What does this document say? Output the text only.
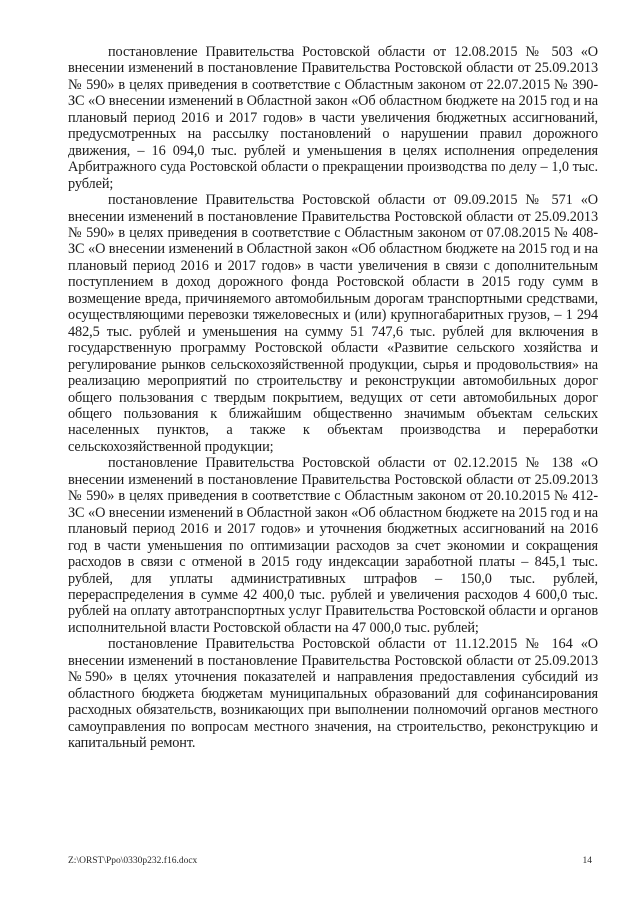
постановление Правительства Ростовской области от 12.08.2015 № 503 «О внесении изменений в постановление Правительства Ростовской области от 25.09.2013 № 590» в целях приведения в соответствие с Областным законом от 22.07.2015 № 390-ЗС «О внесении изменений в Областной закон «Об областном бюджете на 2015 год и на плановый период 2016 и 2017 годов» в части увеличения бюджетных ассигнований, предусмотренных на рассылку постановлений о нарушении правил дорожного движения, – 16 094,0 тыс. рублей и уменьшения в целях исполнения определения Арбитражного суда Ростовской области о прекращении производства по делу – 1,0 тыс. рублей;

постановление Правительства Ростовской области от 09.09.2015 № 571 «О внесении изменений в постановление Правительства Ростовской области от 25.09.2013 № 590» в целях приведения в соответствие с Областным законом от 07.08.2015 № 408-ЗС «О внесении изменений в Областной закон «Об областном бюджете на 2015 год и на плановый период 2016 и 2017 годов» в части увеличения в связи с дополнительным поступлением в доход дорожного фонда Ростовской области в 2015 году сумм в возмещение вреда, причиняемого автомобильным дорогам транспортными средствами, осуществляющими перевозки тяжеловесных и (или) крупногабаритных грузов, – 1 294 482,5 тыс. рублей и уменьшения на сумму 51 747,6 тыс. рублей для включения в государственную программу Ростовской области «Развитие сельского хозяйства и регулирование рынков сельскохозяйственной продукции, сырья и продовольствия» на реализацию мероприятий по строительству и реконструкции автомобильных дорог общего пользования с твердым покрытием, ведущих от сети автомобильных дорог общего пользования к ближайшим общественно значимым объектам сельских населенных пунктов, а также к объектам производства и переработки сельскохозяйственной продукции;

постановление Правительства Ростовской области от 02.12.2015 № 138 «О внесении изменений в постановление Правительства Ростовской области от 25.09.2013 № 590» в целях приведения в соответствие с Областным законом от 20.10.2015 № 412-ЗС «О внесении изменений в Областной закон «Об областном бюджете на 2015 год и на плановый период 2016 и 2017 годов» и уточнения бюджетных ассигнований на 2016 год в части уменьшения по оптимизации расходов за счет экономии и сокращения расходов в связи с отменой в 2015 году индексации заработной платы – 845,1 тыс. рублей, для уплаты административных штрафов – 150,0 тыс. рублей, перераспределения в сумме 42 400,0 тыс. рублей и увеличения расходов 4 600,0 тыс. рублей на оплату автотранспортных услуг Правительства Ростовской области и органов исполнительной власти Ростовской области на 47 000,0 тыс. рублей;

постановление Правительства Ростовской области от 11.12.2015 № 164 «О внесении изменений в постановление Правительства Ростовской области от 25.09.2013 №590» в целях уточнения показателей и направления предоставления субсидий из областного бюджета бюджетам муниципальных образований для софинансирования расходных обязательств, возникающих при выполнении полномочий органов местного самоуправления по вопросам местного значения, на строительство, реконструкцию и капитальный ремонт.

Z:\ORST\Ppo\0330p232.f16.docx	14
